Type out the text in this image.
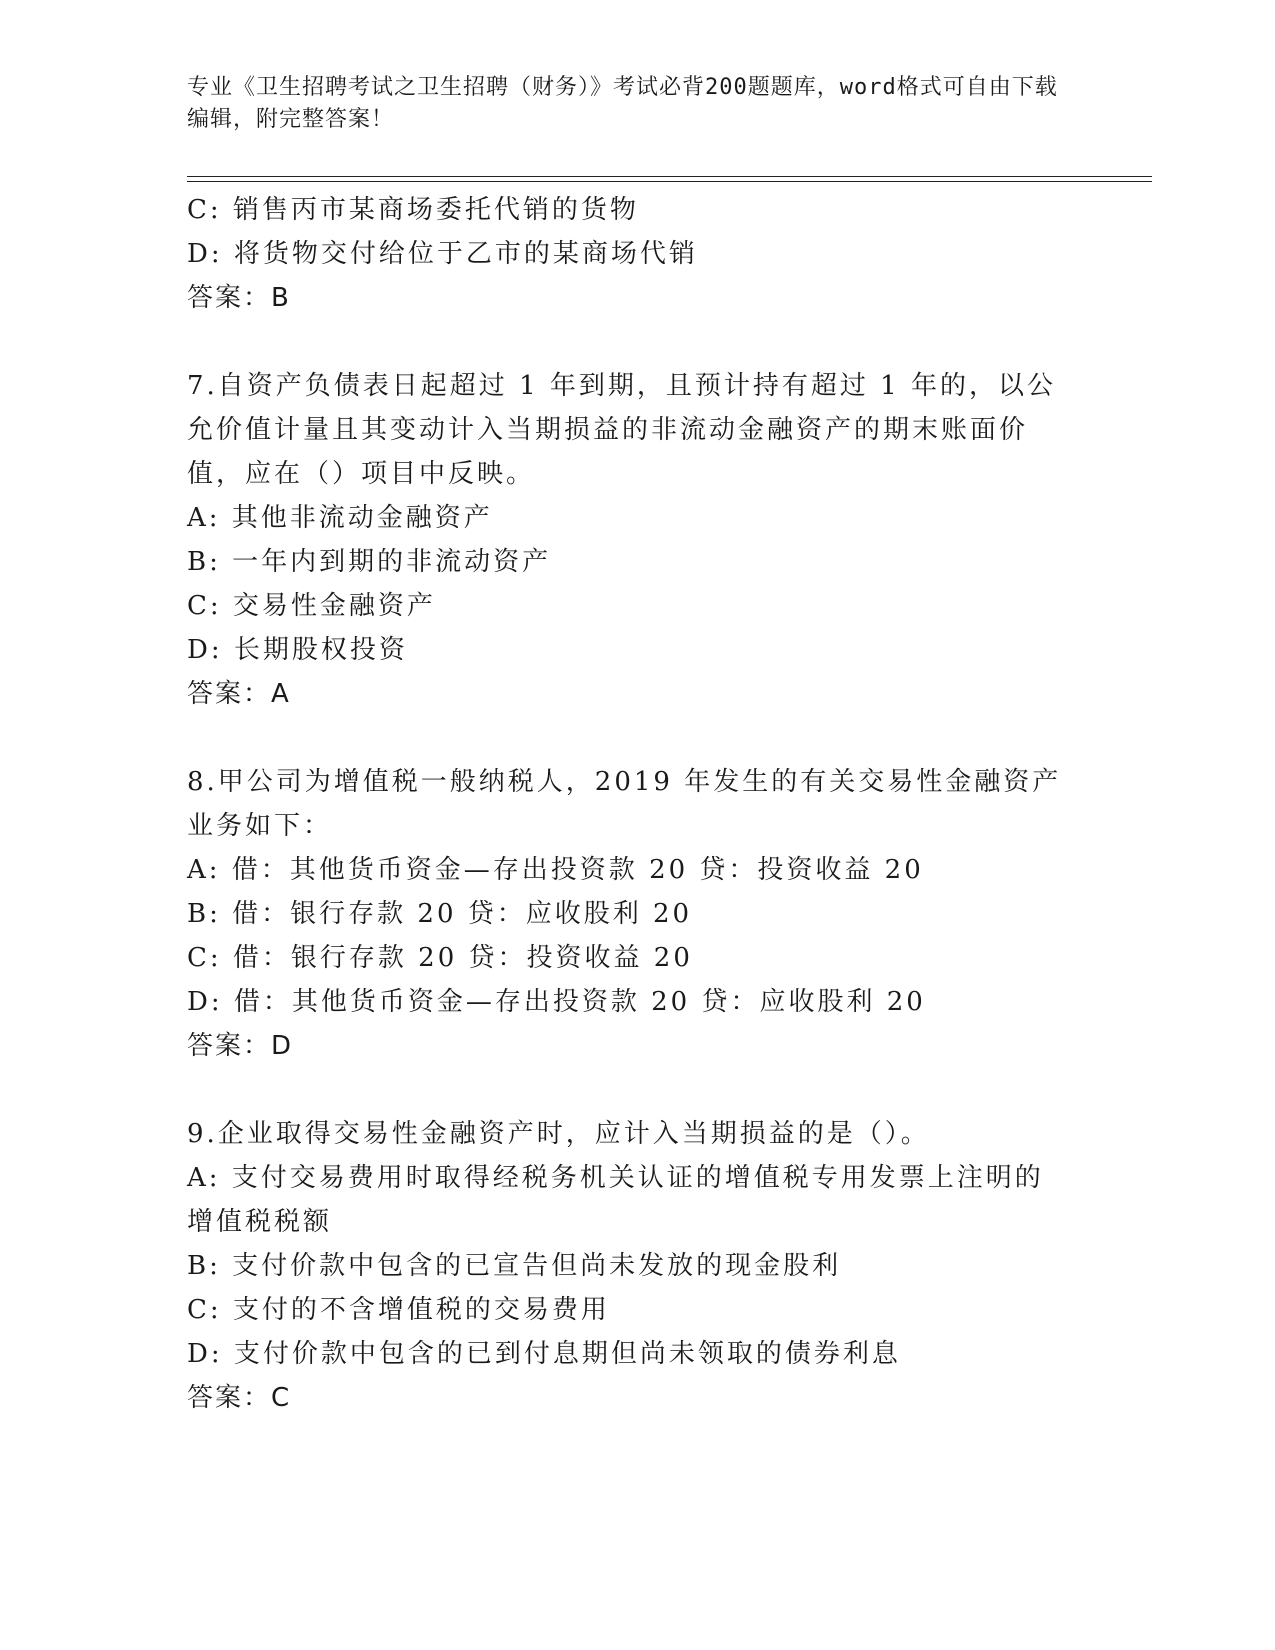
专业《卫生招聘考试之卫生招聘（财务）》考试必背200题题库，word格式可自由下载编辑，附完整答案！
C: 销售丙市某商场委托代销的货物
D: 将货物交付给位于乙市的某商场代销
答案：B
7.自资产负债表日起超过 1 年到期，且预计持有超过 1 年的，以公允价值计量且其变动计入当期损益的非流动金融资产的期末账面价值，应在（）项目中反映。
A: 其他非流动金融资产
B: 一年内到期的非流动资产
C: 交易性金融资产
D: 长期股权投资
答案：A
8.甲公司为增值税一般纳税人，2019 年发生的有关交易性金融资产业务如下：
A: 借：其他货币资金—存出投资款 20 贷：投资收益 20
B: 借：银行存款 20 贷：应收股利 20
C: 借：银行存款 20 贷：投资收益 20
D: 借：其他货币资金—存出投资款 20 贷：应收股利 20
答案：D
9.企业取得交易性金融资产时，应计入当期损益的是（）。
A: 支付交易费用时取得经税务机关认证的增值税专用发票上注明的增值税税额
B: 支付价款中包含的已宣告但尚未发放的现金股利
C: 支付的不含增值税的交易费用
D: 支付价款中包含的已到付息期但尚未领取的债券利息
答案：C
